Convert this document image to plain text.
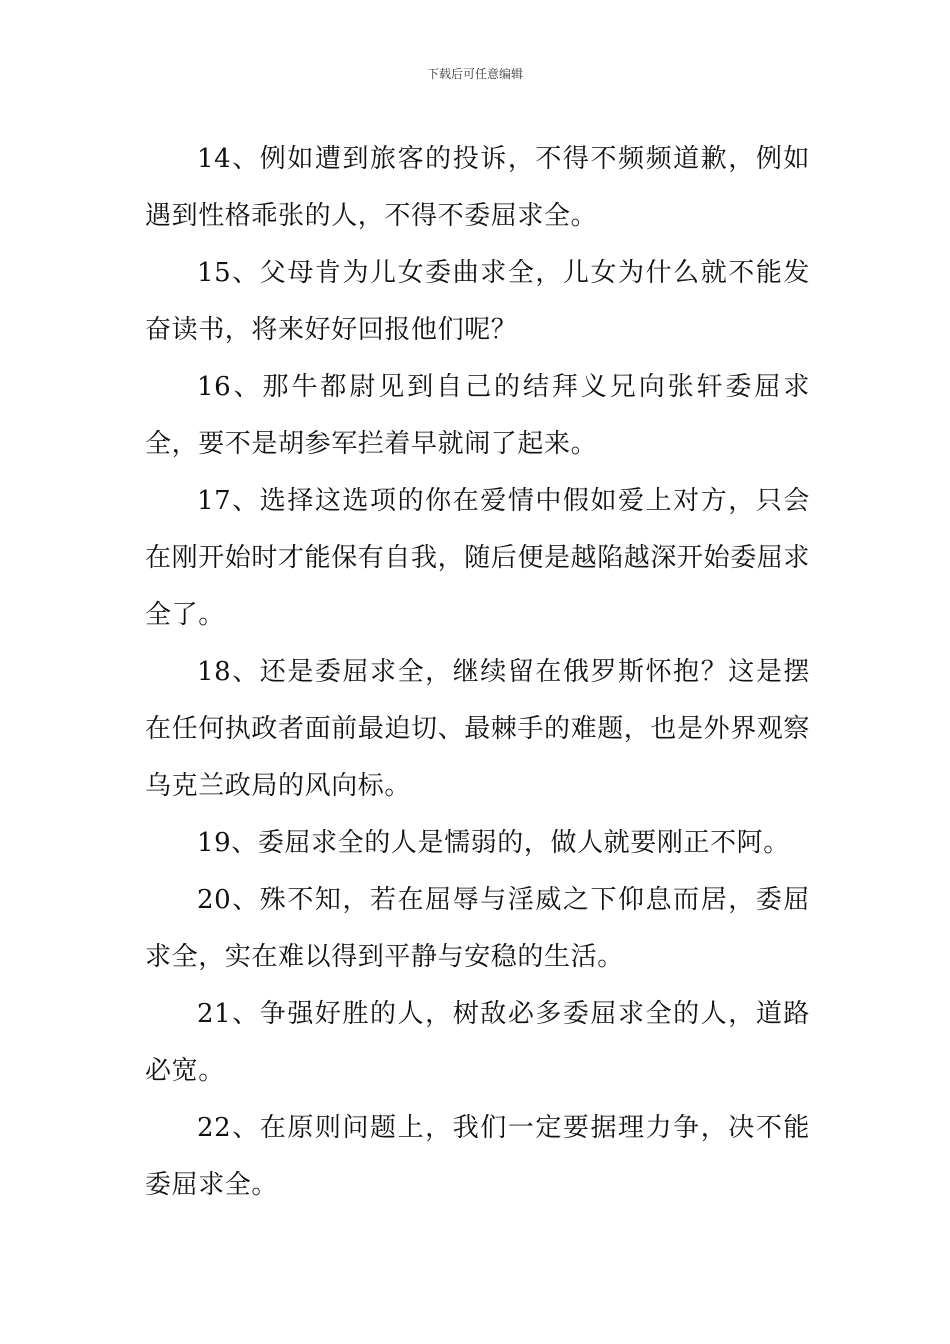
下载后可任意编辑

14、例如遭到旅客的投诉，不得不频频道歉，例如遇到性格乖张的人，不得不委屈求全。

15、父母肯为儿女委曲求全，儿女为什么就不能发奋读书，将来好好回报他们呢？

16、那牛都尉见到自己的结拜义兄向张轩委屈求全，要不是胡参军拦着早就闹了起来。

17、选择这选项的你在爱情中假如爱上对方，只会在刚开始时才能保有自我，随后便是越陷越深开始委屈求全了。

18、还是委屈求全，继续留在俄罗斯怀抱？这是摆在任何执政者面前最迫切、最棘手的难题，也是外界观察乌克兰政局的风向标。

19、委屈求全的人是懦弱的，做人就要刚正不阿。

20、殊不知，若在屈辱与淫威之下仰息而居，委屈求全，实在难以得到平静与安稳的生活。

21、争强好胜的人，树敌必多委屈求全的人，道路必宽。

22、在原则问题上，我们一定要据理力争，决不能委屈求全。
